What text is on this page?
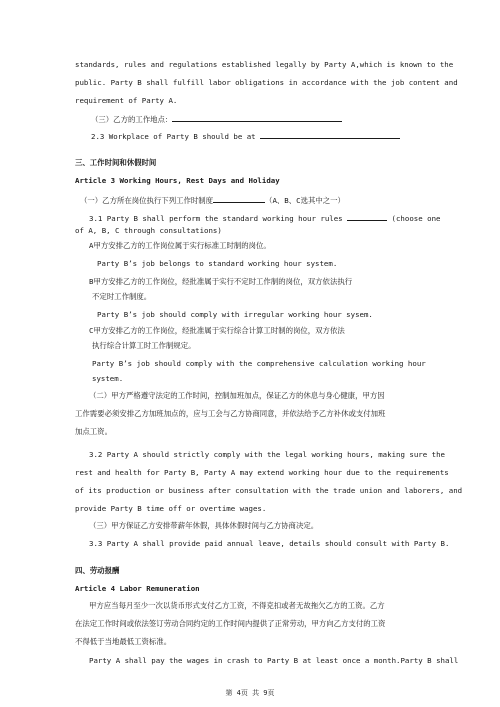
standards, rules and regulations established legally by Party A,which is known to the

public. Party B shall fulfill labor obligations in accordance with the job content and

requirement of Party A.

（三）乙方的工作地点：

2.3 Workplace of Party B should be at

三、工作时间和休假时间

Article 3 Working Hours, Rest Days and Holiday

（一）乙方所在岗位执行下列工作时制度	（A、B、C选其中之一）

3.1 Party B shall perform the standard working hour rules	(choose one

of A, B, C through consultations)

A甲方安排乙方的工作岗位属于实行标准工时制的岗位。

Party B’s job belongs to standard working hour system.

B甲方安排乙方的工作岗位，经批准属于实行不定时工作制的岗位，双方依法执行

不定时工作制度。

Party B’s job should comply with irregular working hour sysem.

C甲方安排乙方的工作岗位，经批准属于实行综合计算工时制的岗位，双方依法

执行综合计算工时工作制规定。

Party B’s job should comply with the comprehensive calculation working hour

system.

（二）甲方严格遵守法定的工作时间，控制加班加点，保证乙方的休息与身心健康，甲方因

工作需要必须安排乙方加班加点的，应与工会与乙方协商同意，并依法给予乙方补休或支付加班

加点工资。

3.2 Party A should strictly comply with the legal working hours, making sure the

rest and health for Party B, Party A may extend working hour due to the requirements

of its production or business after consultation with the trade union and laborers, and

provide Party B time off or overtime wages.

（三）甲方保证乙方安排带薪年休假，具体休假时间与乙方协商决定。

3.3 Party A shall provide paid annual leave, details should consult with Party B.

四、劳动报酬

Article 4 Labor Remuneration

甲方应当每月至少一次以货币形式支付乙方工资，不得克扣或者无故拖欠乙方的工资。乙方

在法定工作时间或依法签订劳动合同约定的工作时间内提供了正常劳动，甲方向乙方支付的工资

不得低于当地最低工资标准。

Party A shall pay the wages in crash to Party B at least once a month.Party B shall

第 4页 共 9页
